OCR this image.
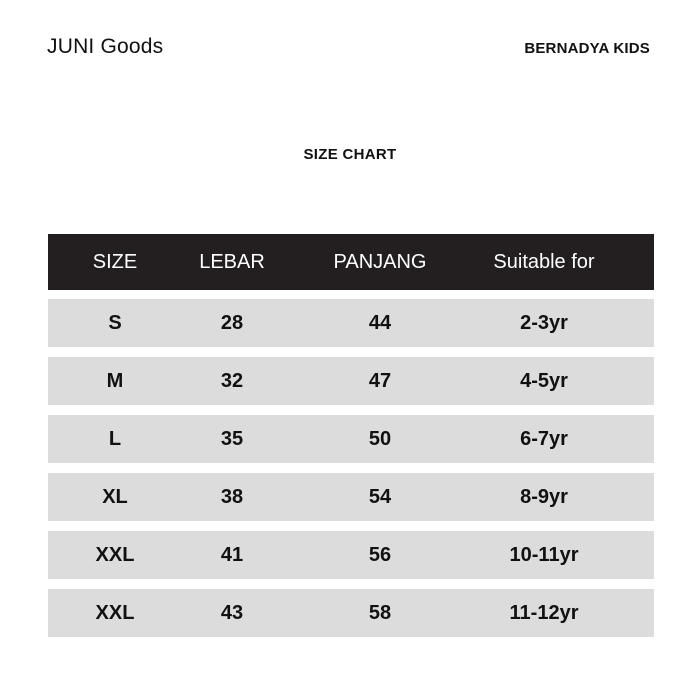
JUNI Goods	BERNADYA KIDS
SIZE CHART
SIZE	LEBAR	PANJANG	Suitable for
S	28	44	2-3yr
M	32	47	4-5yr
L	35	50	6-7yr
XL	38	54	8-9yr
XXL	41	56	10-11yr
XXL	43	58	11-12yr
